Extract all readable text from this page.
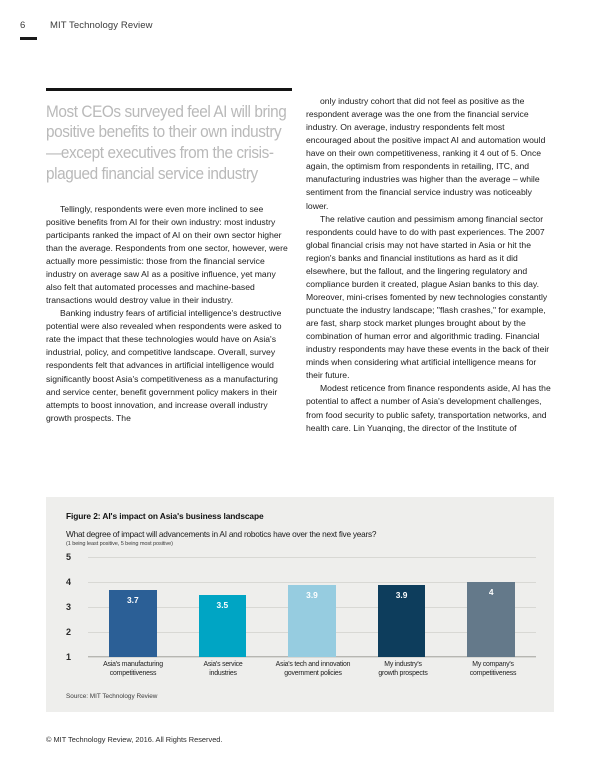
6	MIT Technology Review
Most CEOs surveyed feel AI will bring positive benefits to their own industry—except executives from the crisis-plagued financial service industry

Tellingly, respondents were even more inclined to see positive benefits from AI for their own industry: most industry participants ranked the impact of AI on their own sector higher than the average. Respondents from one sector, however, were actually more pessimistic: those from the financial service industry on average saw AI as a positive influence, yet many also felt that automated processes and machine-based transactions would destroy value in their industry.

Banking industry fears of artificial intelligence's destructive potential were also revealed when respondents were asked to rate the impact that these technologies would have on Asia's industrial, policy, and competitive landscape. Overall, survey respondents felt that advances in artificial intelligence would significantly boost Asia's competitiveness as a manufacturing and service center, benefit government policy makers in their attempts to boost innovation, and increase overall industry growth prospects. The

only industry cohort that did not feel as positive as the respondent average was the one from the financial service industry. On average, industry respondents felt most encouraged about the positive impact AI and automation would have on their own competitiveness, ranking it 4 out of 5. Once again, the optimism from respondents in retailing, ITC, and manufacturing industries was higher than the average – while sentiment from the financial service industry was noticeably lower.

The relative caution and pessimism among financial sector respondents could have to do with past experiences. The 2007 global financial crisis may not have started in Asia or hit the region's banks and financial institutions as hard as it did elsewhere, but the fallout, and the lingering regulatory and compliance burden it created, plague Asian banks to this day. Moreover, mini-crises fomented by new technologies constantly punctuate the industry landscape; "flash crashes," for example, are fast, sharp stock market plunges brought about by the combination of human error and algorithmic trading. Financial industry respondents may have these events in the back of their minds when considering what artificial intelligence means for their future.

Modest reticence from finance respondents aside, AI has the potential to affect a number of Asia's development challenges, from food security to public safety, transportation networks, and health care. Lin Yuanqing, the director of the Institute of

Figure 2: AI's impact on Asia's business landscape
What degree of impact will advancements in AI and robotics have over the next five years?
(1 being least positive, 5 being most positive)
3.7	3.5
3.9	3.9	4
1
2
3
4
5
Asia's manufacturing
competitiveness
Asia's service
industries
Asia's tech and innovation
government policies
My industry's
growth prospects
My company's
competitiveness
Source: MIT Technology Review
© MIT Technology Review, 2016. All Rights Reserved.
